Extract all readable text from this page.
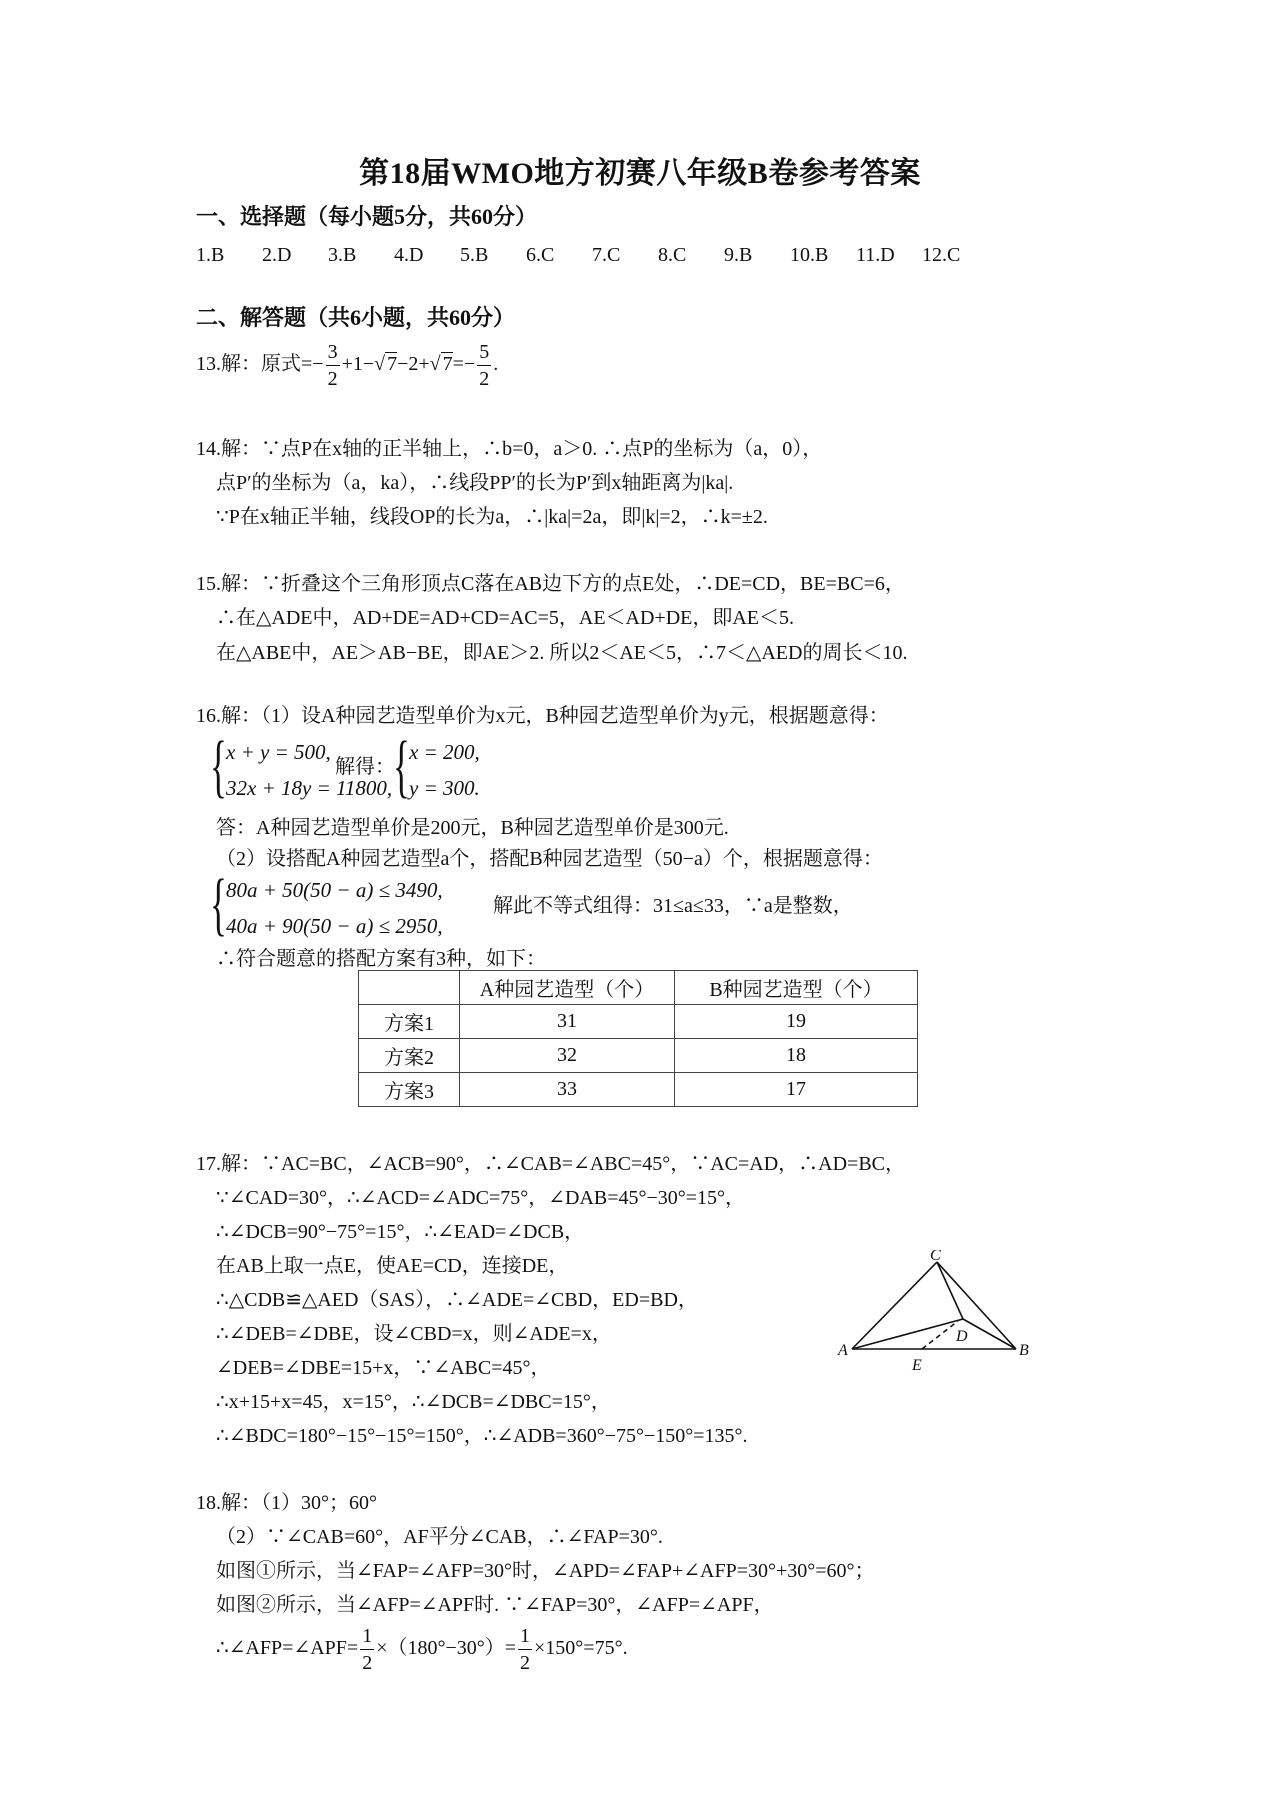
第18届WMO地方初赛八年级B卷参考答案
一、选择题（每小题5分，共60分）
1.B 2.D 3.B 4.D 5.B 6.C 7.C 8.C 9.B 10.B 11.D 12.C
二、解答题（共6小题，共60分）
13.解：原式=− $\frac{3}{2} +1-√$ 7−2+√ $7=- \frac{5}{2}$ .
14.解：∵点P在x轴的正半轴上，∴b=0，a＞0. ∴点P的坐标为（a，0），
点P′的坐标为（a，ka），∴线段PP′的长为P′到x轴距离为|ka|.
∵P在x轴正半轴，线段OP的长为a，∴|ka|=2a，即|k|=2，∴k=±2.
15.解：∵折叠这个三角形顶点C落在AB边下方的点E处，∴DE=CD，BE=BC=6，
∴在△ADE中，AD+DE=AD+CD=AC=5，AE＜AD+DE，即AE＜5.
在△ABE中，AE＞AB−BE，即AE＞2. 所以2＜AE＜5，∴7＜△AED的周长＜10.
16.解：（1）设A种园艺造型单价为x元，B种园艺造型单价为y元，根据题意得：
{ x + y = 500,
32x + 18y = 11800,
解得：
{ x = 200,
y = 300.
答：A种园艺造型单价是200元，B种园艺造型单价是300元.
（2）设搭配A种园艺造型a个，搭配B种园艺造型（50−a）个，根据题意得：
{ 80a + 50(50 − a) ≤ 3490,
40a + 90(50 − a) ≤ 2950,
解此不等式组得：31≤a≤33，∵a是整数，
∴符合题意的搭配方案有3种，如下：
	A种园艺造型（个）	B种园艺造型（个）
方案1	31	19
方案2	32	18
方案3	33	17
17.解：∵AC=BC，∠ACB=90°，∴∠CAB=∠ABC=45°，∵AC=AD，∴AD=BC，
∵∠CAD=30°，∴∠ACD=∠ADC=75°，∠DAB=45°−30°=15°，
∴∠DCB=90°−75°=15°，∴∠EAD=∠DCB，
在AB上取一点E，使AE=CD，连接DE，
∴△CDB≌△AED（SAS），∴∠ADE=∠CBD，ED=BD，
∴∠DEB=∠DBE，设∠CBD=x，则∠ADE=x，
∠DEB=∠DBE=15+x，∵∠ABC=45°，
∴x+15+x=45，x=15°，∴∠DCB=∠DBC=15°，
∴∠BDC=180°−15°−15°=150°，∴∠ADB=360°−75°−150°=135°.
C
D
A	B
E
18.解：（1）30°；60°
（2）∵∠CAB=60°，AF平分∠CAB，∴∠FAP=30°.
如图①所示，当∠FAP=∠AFP=30°时，∠APD=∠FAP+∠AFP=30°+30°=60°；
如图②所示，当∠AFP=∠APF时. ∵∠FAP=30°，∠AFP=∠APF，
∴∠AFP=∠APF= $\frac{1}{2} \times(180^\circ-30^\circ)= \frac{1}{2} \times 150^\circ=75^\circ$.
